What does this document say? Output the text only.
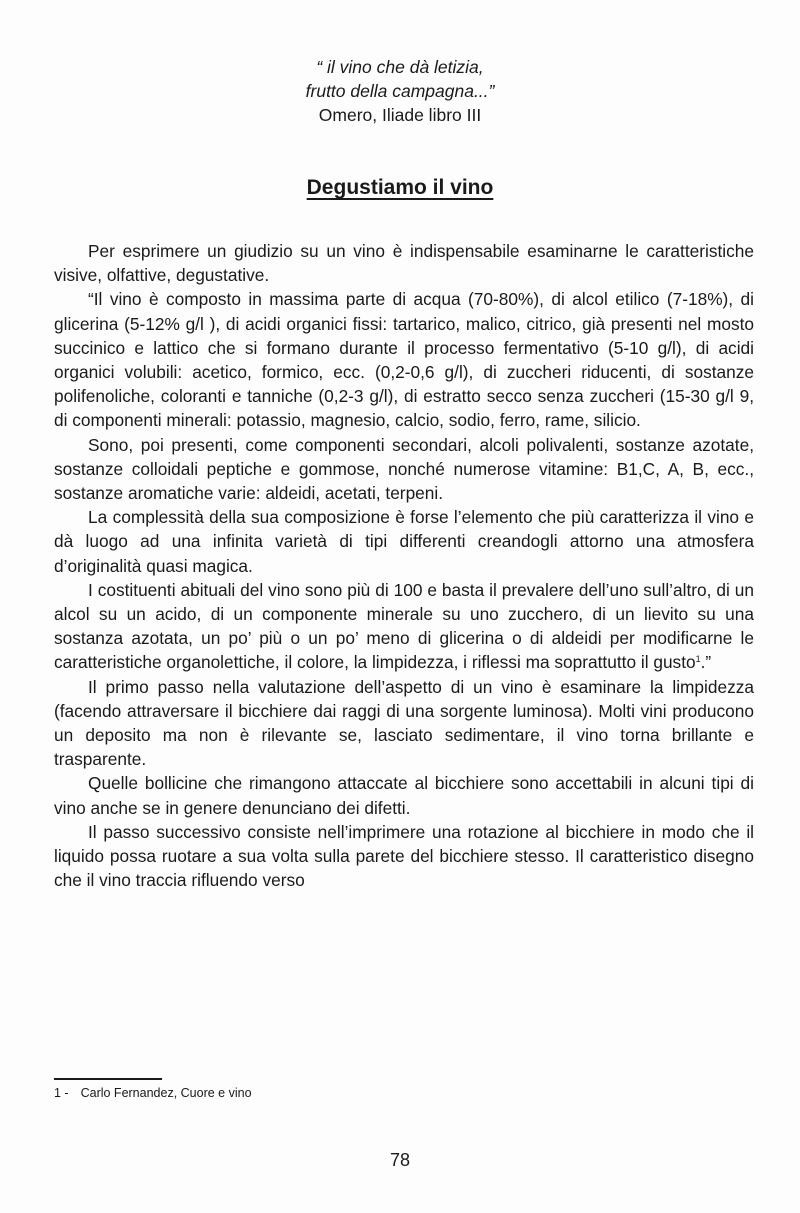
“ il vino che dà letizia,
frutto della campagna...”
Omero, Iliade libro III
Degustiamo il vino

Per esprimere un giudizio su un vino è indispensabile esaminarne le caratteristiche visive, olfattive, degustative.

“Il vino è composto in massima parte di acqua (70-80%), di alcol etilico (7-18%), di glicerina (5-12% g/l ), di acidi organici fissi: tartarico, malico, citrico, già presenti nel mosto succinico e lattico che si formano durante il processo fermentativo (5-10 g/l), di acidi organici volubili: acetico, formico, ecc. (0,2-0,6 g/l), di zuccheri riducenti, di sostanze polifenoliche, coloranti e tanniche (0,2-3 g/l), di estratto secco senza zuccheri (15-30 g/l 9, di componenti minerali: potassio, magnesio, calcio, sodio, ferro, rame, silicio.

Sono, poi presenti, come componenti secondari, alcoli polivalenti, sostanze azotate, sostanze colloidali peptiche e gommose, nonché numerose vitamine: B1,C, A, B, ecc., sostanze aromatiche varie: aldeidi, acetati, terpeni.

La complessità della sua composizione è forse l’elemento che più caratterizza il vino e dà luogo ad una infinita varietà di tipi differenti creandogli attorno una atmosfera d’originalità quasi magica.

I costituenti abituali del vino sono più di 100 e basta il prevalere dell’uno sull’altro, di un alcol su un acido, di un componente minerale su uno zucchero, di un lievito su una sostanza azotata, un po’ più o un po’ meno di glicerina o di aldeidi per modificarne le caratteristiche organolettiche, il colore, la limpidezza, i riflessi ma soprattutto il gusto$^1$.”

Il primo passo nella valutazione dell’aspetto di un vino è esaminare la limpidezza (facendo attraversare il bicchiere dai raggi di una sorgente luminosa). Molti vini producono un deposito ma non è rilevante se, lasciato sedimentare, il vino torna brillante e trasparente.

Quelle bollicine che rimangono attaccate al bicchiere sono accettabili in alcuni tipi di vino anche se in genere denunciano dei difetti.

Il passo successivo consiste nell’imprimere una rotazione al bicchiere in modo che il liquido possa ruotare a sua volta sulla parete del bicchiere stesso. Il caratteristico disegno che il vino traccia rifluendo verso

1 - Carlo Fernandez, Cuore e vino
78
